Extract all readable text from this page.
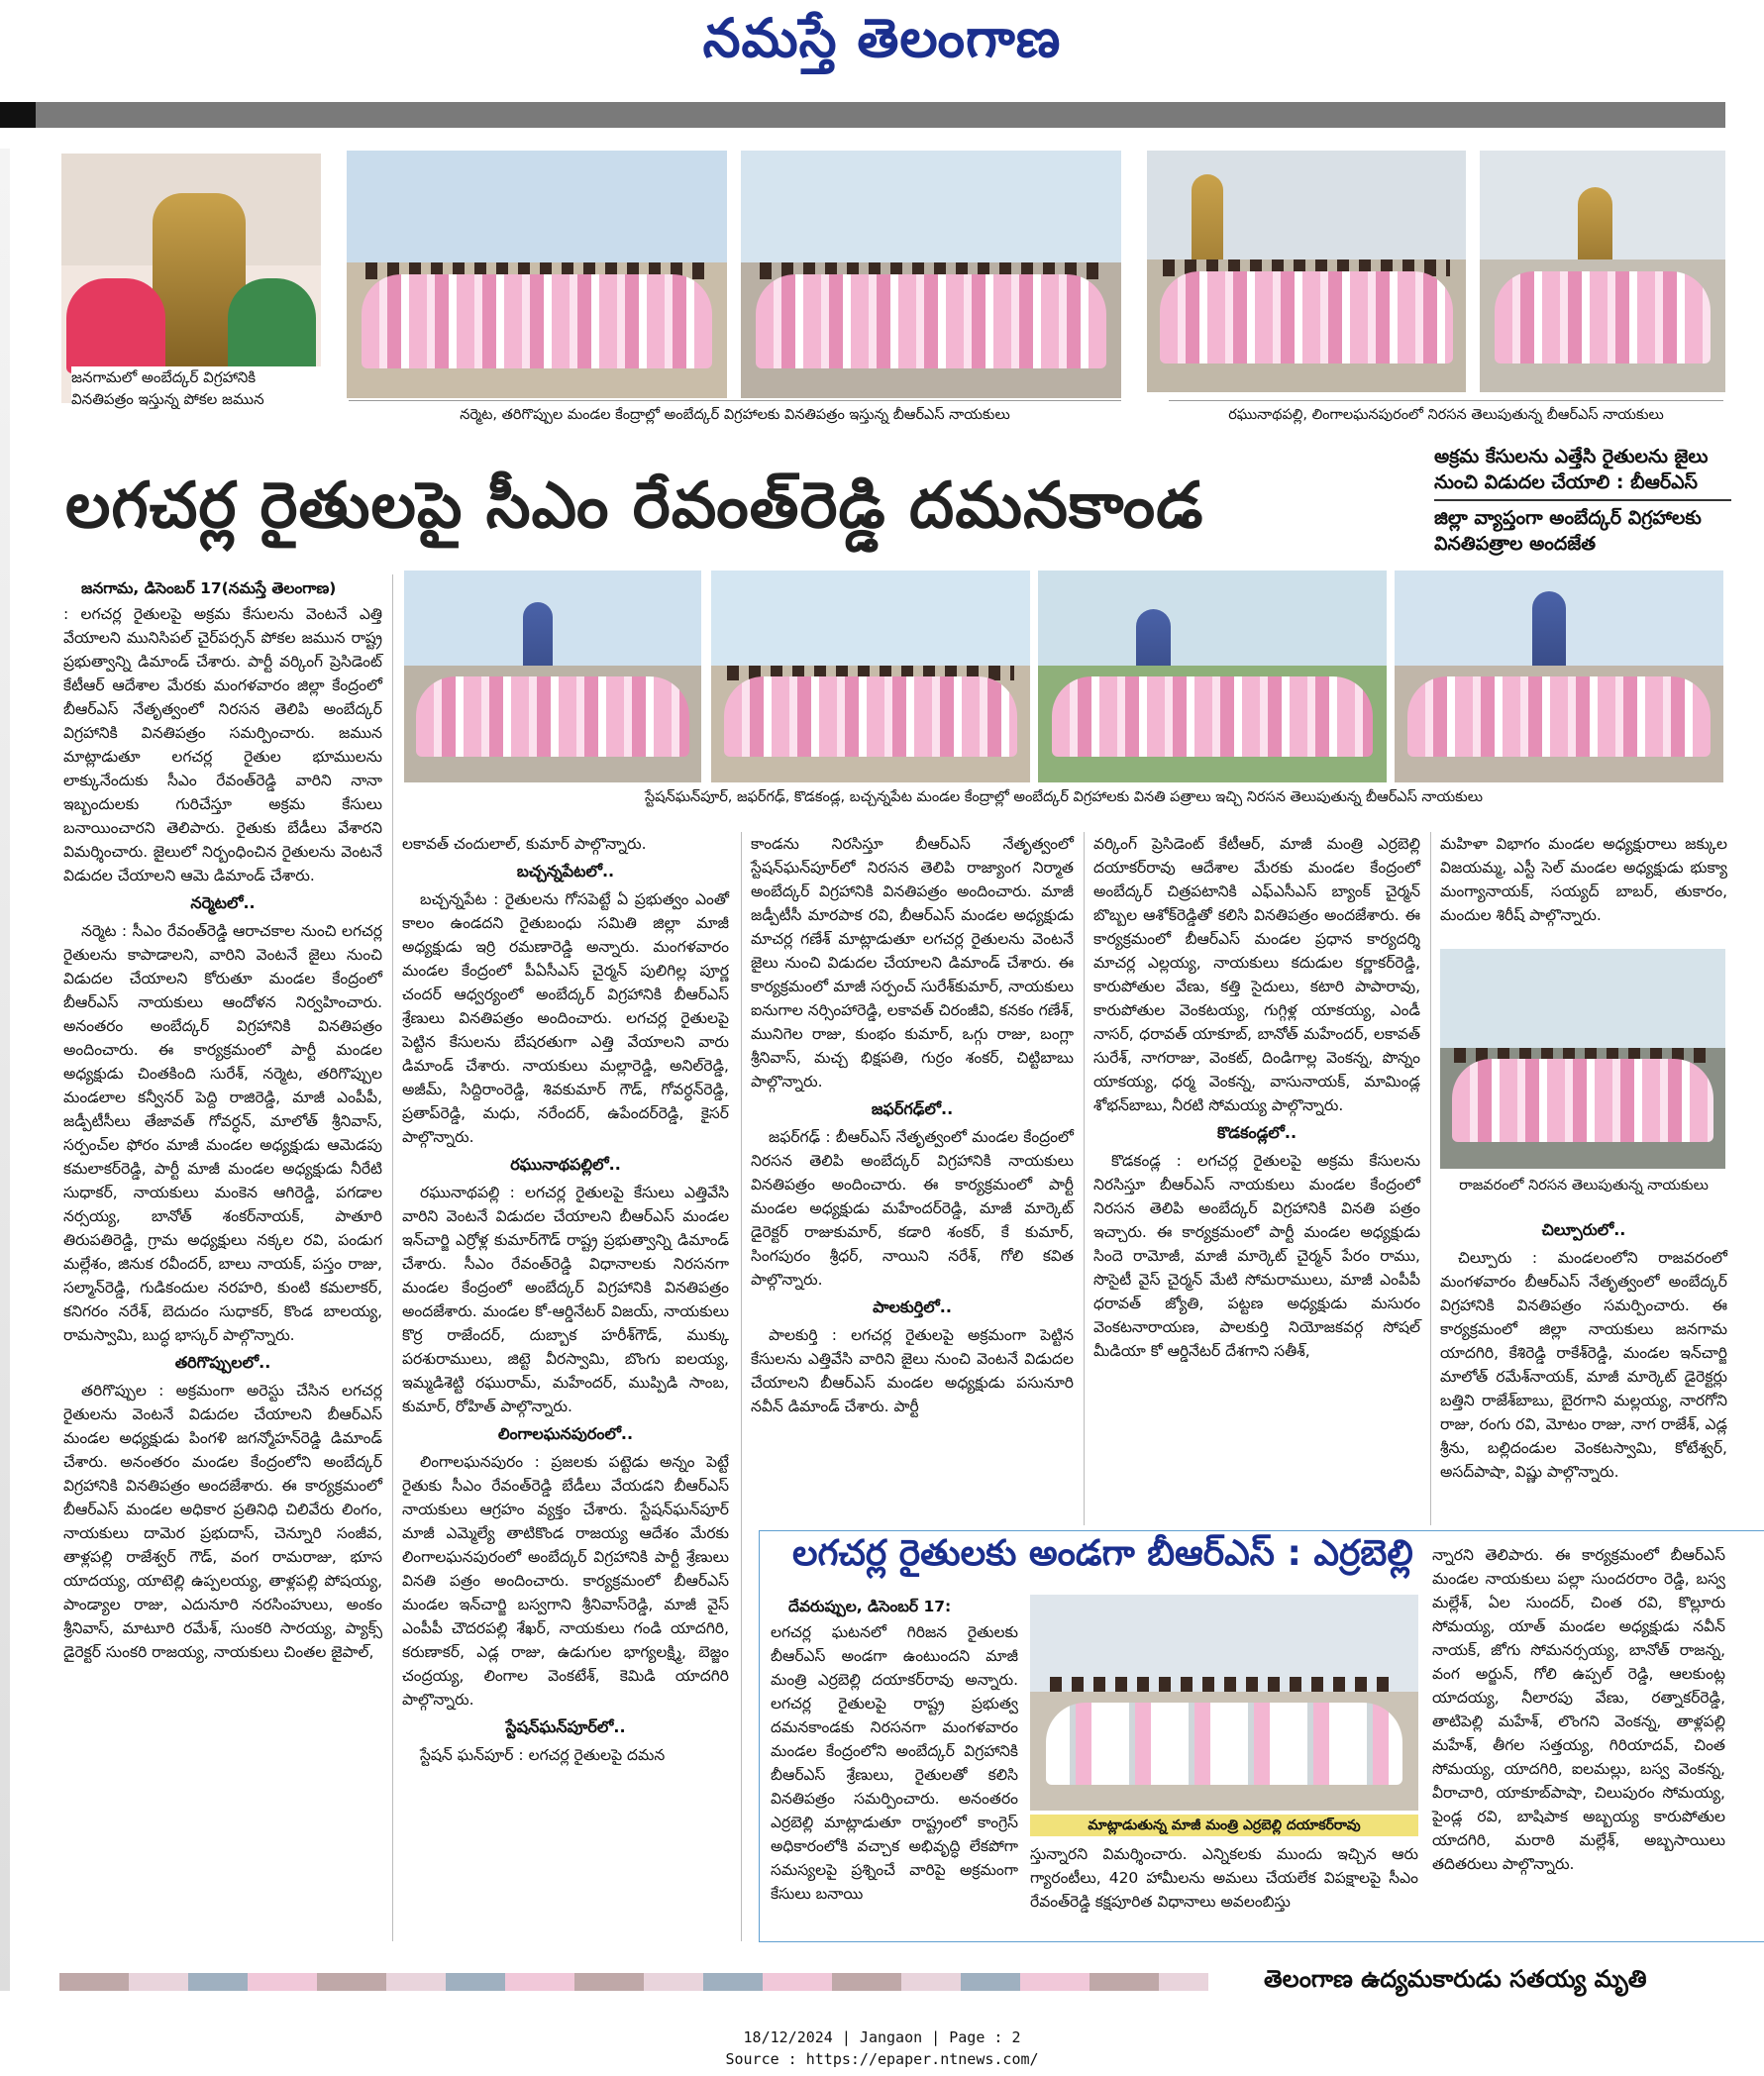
నమస్తే తెలంగాణ
జనగామలో అంబేద్కర్ విగ్రహానికి వినతిపత్రం ఇస్తున్న పోకల జమున
నర్మెట, తరిగొప్పుల మండల కేంద్రాల్లో అంబేద్కర్ విగ్రహాలకు వినతిపత్రం ఇస్తున్న బీఆర్ఎస్ నాయకులు	రఘునాథపల్లి, లింగాలఘనపురంలో నిరసన తెలుపుతున్న బీఆర్ఎస్ నాయకులు
లగచర్ల రైతులపై సీఎం రేవంత్‌రెడ్డి దమనకాండ
అక్రమ కేసులను ఎత్తేసి రైతులను జైలు నుంచి విడుదల చేయాలి : బీఆర్ఎస్
జిల్లా వ్యాప్తంగా అంబేద్కర్ విగ్రహాలకు వినతిపత్రాల అందజేత
స్టేషన్‌ఘన్‌పూర్, జఫర్‌గఢ్, కొడకండ్ల, బచ్చన్నపేట మండల కేంద్రాల్లో అంబేద్కర్ విగ్రహాలకు వినతి పత్రాలు ఇచ్చి నిరసన తెలుపుతున్న బీఆర్ఎస్ నాయకులు

జనగామ, డిసెంబర్ 17(నమస్తే తెలంగాణ)

: లగచర్ల రైతులపై అక్రమ కేసులను వెంటనే ఎత్తి వేయాలని మునిసిపల్ చైర్‌పర్సన్ పోకల జమున రాష్ట్ర ప్రభుత్వాన్ని డిమాండ్ చేశారు. పార్టీ వర్కింగ్ ప్రెసిడెంట్ కేటీఆర్ ఆదేశాల మేరకు మంగళవారం జిల్లా కేంద్రంలో బీఆర్ఎస్ నేతృత్వంలో నిరసన తెలిపి అంబేద్కర్ విగ్రహానికి వినతిపత్రం సమర్పించారు. జమున మాట్లాడుతూ లగచర్ల రైతుల భూములను లాక్కునేందుకు సీఎం రేవంత్‌రెడ్డి వారిని నానా ఇబ్బందులకు గురిచేస్తూ అక్రమ కేసులు బనాయించారని తెలిపారు. రైతుకు బేడీలు వేశారని విమర్శించారు. జైలులో నిర్బంధించిన రైతులను వెంటనే విడుదల చేయాలని ఆమె డిమాండ్ చేశారు.

నర్మెటలో..

నర్మెట : సీఎం రేవంత్‌రెడ్డి ఆరాచకాల నుంచి లగచర్ల రైతులను కాపాడాలని, వారిని వెంటనే జైలు నుంచి విడుదల చేయాలని కోరుతూ మండల కేంద్రంలో బీఆర్ఎస్ నాయకులు ఆందోళన నిర్వహించారు. అనంతరం అంబేద్కర్ విగ్రహానికి వినతిపత్రం అందించారు. ఈ కార్యక్రమంలో పార్టీ మండల అధ్యక్షుడు చింతకింది సురేశ్, నర్మెట, తరిగొప్పుల మండలాల కన్వీనర్ పెద్ది రాజిరెడ్డి, మాజీ ఎంపీపీ, జడ్పీటీసీలు తేజావత్ గోవర్ధన్, మాలోత్ శ్రీనివాస్, సర్పంచ్‌ల ఫోరం మాజీ మండల అధ్యక్షుడు ఆమెడపు కమలాకర్‌రెడ్డి, పార్టీ మాజీ మండల అధ్యక్షుడు నీరేటి సుధాకర్, నాయకులు మంకెన ఆగిరెడ్డి, పగడాల నర్సయ్య, బానోత్ శంకర్‌నాయక్, పాతూరి తిరుపతిరెడ్డి, గ్రామ అధ్యక్షులు నక్కల రవి, పండుగ మల్లేశం, జినుక రవీందర్, బాలు నాయక్, పస్తం రాజు, సల్మాన్‌రెడ్డి, గుడికందుల నరహరి, కుంటి కమలాకర్, కనిగరం నరేశ్, బెదుదం సుధాకర్, కొండ బాలయ్య, రామస్వామి, బుద్ధ భాస్కర్ పాల్గొన్నారు.

తరిగొప్పులలో..

తరిగొప్పుల : అక్రమంగా అరెస్టు చేసిన లగచర్ల రైతులను వెంటనే విడుదల చేయాలని బీఆర్ఎస్ మండల అధ్యక్షుడు పింగళి జగన్మోహన్‌రెడ్డి డిమాండ్ చేశారు. అనంతరం మండల కేంద్రంలోని అంబేద్కర్ విగ్రహానికి వినతిపత్రం అందజేశారు. ఈ కార్యక్రమంలో బీఆర్ఎస్ మండల అధికార ప్రతినిధి చిలివేరు లింగం, నాయకులు దామెర ప్రభుదాస్, చెన్నూరి సంజీవ, తాళ్లపల్లి రాజేశ్వర్ గౌడ్, వంగ రామరాజు, భూస యాదయ్య, యాటెల్లి ఉప్పలయ్య, తాళ్లపల్లి పోషయ్య, పాండ్యాల రాజు, ఎదునూరి నరసింహులు, అంకం శ్రీనివాస్, మాటూరి రమేశ్, సుంకరి సారయ్య, ప్యాక్స్ డైరెక్టర్ సుంకరి రాజయ్య, నాయకులు చింతల జైపాల్,

లకావత్ చందులాల్, కుమార్ పాల్గొన్నారు.

బచ్చన్నపేటలో..

బచ్చన్నపేట : రైతులను గోసపెట్టే ఏ ప్రభుత్వం ఎంతో కాలం ఉండదని రైతుబంధు సమితి జిల్లా మాజీ అధ్యక్షుడు ఇర్రి రమణారెడ్డి అన్నారు. మంగళవారం మండల కేంద్రంలో పీఏసీఎస్ చైర్మన్ పులిగిల్ల పూర్ణ చందర్ ఆధ్వర్యంలో అంబేద్కర్ విగ్రహానికి బీఆర్ఎస్ శ్రేణులు వినతిపత్రం అందించారు. లగచర్ల రైతులపై పెట్టిన కేసులను బేషరతుగా ఎత్తి వేయాలని వారు డిమాండ్ చేశారు. నాయకులు మల్లారెడ్డి, అనిల్‌రెడ్డి, అజీమ్, సిద్దిరాంరెడ్డి, శివకుమార్ గౌడ్, గోవర్ధన్‌రెడ్డి, ప్రతాప్‌రెడ్డి, మధు, నరేందర్, ఉపేందర్‌రెడ్డి, కైసర్ పాల్గొన్నారు.

రఘునాథపల్లిలో..

రఘునాథపల్లి : లగచర్ల రైతులపై కేసులు ఎత్తివేసి వారిని వెంటనే విడుదల చేయాలని బీఆర్ఎస్ మండల ఇన్‌చార్జి ఎర్రోళ్ల కుమార్‌గౌడ్ రాష్ట్ర ప్రభుత్వాన్ని డిమాండ్ చేశారు. సీఎం రేవంత్‌రెడ్డి విధానాలకు నిరసనగా మండల కేంద్రంలో అంబేద్కర్ విగ్రహానికి వినతిపత్రం అందజేశారు. మండల కో-ఆర్డినేటర్ విజయ్, నాయకులు కొర్ర రాజేందర్, దుబ్బాక హరీశ్‌గౌడ్, ముక్కు పరశురాములు, జిట్టె వీరస్వామి, బొంగు ఐలయ్య, ఇమ్మడిశెట్టి రఘురామ్, మహేందర్, ముప్పిడి సాంబ, కుమార్, రోహిత్ పాల్గొన్నారు.

లింగాలఘనపురంలో..

లింగాలఘనపురం : ప్రజలకు పట్టెడు అన్నం పెట్టే రైతుకు సీఎం రేవంత్‌రెడ్డి బేడీలు వేయడని బీఆర్ఎస్ నాయకులు ఆగ్రహం వ్యక్తం చేశారు. స్టేషన్‌ఘన్‌పూర్ మాజీ ఎమ్మెల్యే తాటికొండ రాజయ్య ఆదేశం మేరకు లింగాలఘనపురంలో అంబేద్కర్ విగ్రహానికి పార్టీ శ్రేణులు వినతి పత్రం అందించారు. కార్యక్రమంలో బీఆర్ఎస్ మండల ఇన్‌చార్జి బస్వగాని శ్రీనివాస్‌రెడ్డి, మాజీ వైస్ ఎంపీపీ చౌదరపల్లి శేఖర్, నాయకులు గండి యాదగిరి, కరుణాకర్, ఎడ్ల రాజు, ఉడుగుల భాగ్యలక్ష్మి, బెజ్జం చంద్రయ్య, లింగాల వెంకటేశ్, కెమిడి యాదగిరి పాల్గొన్నారు.

స్టేషన్‌ఘన్‌పూర్‌లో..

స్టేషన్ ఘన్‌పూర్ : లగచర్ల రైతులపై దమన

కాండను నిరసిస్తూ బీఆర్ఎస్ నేతృత్వంలో స్టేషన్‌ఘన్‌పూర్‌లో నిరసన తెలిపి రాజ్యాంగ నిర్మాత అంబేద్కర్ విగ్రహానికి వినతిపత్రం అందించారు. మాజీ జడ్పీటీసీ మారపాక రవి, బీఆర్ఎస్ మండల అధ్యక్షుడు మాచర్ల గణేశ్ మాట్లాడుతూ లగచర్ల రైతులను వెంటనే జైలు నుంచి విడుదల చేయాలని డిమాండ్ చేశారు. ఈ కార్యక్రమంలో మాజీ సర్పంచ్ సురేశ్‌కుమార్, నాయకులు ఐనుగాల నర్సింహారెడ్డి, లకావత్ చిరంజీవి, కనకం గణేశ్, మునిగెల రాజు, కుంభం కుమార్, ఒగ్గు రాజు, బంగ్లా శ్రీనివాస్, మచ్చ భిక్షపతి, గుర్రం శంకర్, చిట్టిబాబు పాల్గొన్నారు.

జఫర్‌గఢ్‌లో..

జఫర్‌గఢ్ : బీఆర్ఎస్ నేతృత్వంలో మండల కేంద్రంలో నిరసన తెలిపి అంబేద్కర్ విగ్రహానికి నాయకులు వినతిపత్రం అందించారు. ఈ కార్యక్రమంలో పార్టీ మండల అధ్యక్షుడు మహేందర్‌రెడ్డి, మాజీ మార్కెట్ డైరెక్టర్ రాజుకుమార్, కడారి శంకర్, కే కుమార్, సింగపురం శ్రీధర్, నాయిని నరేశ్, గోలి కవిత పాల్గొన్నారు.

పాలకుర్తిలో..

పాలకుర్తి : లగచర్ల రైతులపై అక్రమంగా పెట్టిన కేసులను ఎత్తివేసి వారిని జైలు నుంచి వెంటనే విడుదల చేయాలని బీఆర్ఎస్ మండల అధ్యక్షుడు పసునూరి నవీన్ డిమాండ్ చేశారు. పార్టీ

వర్కింగ్ ప్రెసిడెంట్ కేటీఆర్, మాజీ మంత్రి ఎర్రబెల్లి దయాకర్‌రావు ఆదేశాల మేరకు మండల కేంద్రంలో అంబేద్కర్ చిత్రపటానికి ఎఫ్ఎసీఎస్ బ్యాంక్ చైర్మన్ బొబ్బల ఆశోక్‌రెడ్డితో కలిసి వినతిపత్రం అందజేశారు. ఈ కార్యక్రమంలో బీఆర్ఎస్ మండల ప్రధాన కార్యదర్శి మాచర్ల ఎల్లయ్య, నాయకులు కదుడుల కర్ణాకర్‌రెడ్డి, కారుపోతుల వేణు, కత్తి సైదులు, కటారి పాపారావు, కారుపోతుల వెంకటయ్య, గుగ్గిళ్ల యాకయ్య, ఎండీ నాసర్, ధరావత్ యాకూబ్, బానోత్ మహేందర్, లకావత్ సురేశ్, నాగరాజు, వెంకట్, దిండిగాల్ల వెంకన్న, పొన్నం యాకయ్య, ధర్మ వెంకన్న, వాసునాయక్, మామిండ్ల శోభన్‌బాబు, నీరటి సోమయ్య పాల్గొన్నారు.

కొడకండ్లలో..

కొడకండ్ల : లగచర్ల రైతులపై అక్రమ కేసులను నిరసిస్తూ బీఆర్ఎస్ నాయకులు మండల కేంద్రంలో నిరసన తెలిపి అంబేద్కర్ విగ్రహానికి వినతి పత్రం ఇచ్చారు. ఈ కార్యక్రమంలో పార్టీ మండల అధ్యక్షుడు సిందె రామోజీ, మాజీ మార్కెట్ చైర్మన్ పేరం రాము, సొసైటీ వైస్ చైర్మన్ మేటి సోమరాములు, మాజీ ఎంపీపీ ధరావత్ జ్యోతి, పట్టణ అధ్యక్షుడు మసురం వెంకటనారాయణ, పాలకుర్తి నియోజకవర్గ సోషల్ మీడియా కో ఆర్డినేటర్ దేశగాని సతీశ్,

మహిళా విభాగం మండల అధ్యక్షురాలు జక్కుల విజయమ్మ, ఎస్టీ సెల్ మండల అధ్యక్షుడు భుక్యా మంగ్యానాయక్, సయ్యద్ బాబర్, తుకారం, మందుల శిరీష్ పాల్గొన్నారు.

రాజవరంలో నిరసన తెలుపుతున్న నాయకులు
చిల్పూరులో..

చిల్పూరు : మండలంలోని రాజవరంలో మంగళవారం బీఆర్ఎస్ నేతృత్వంలో అంబేద్కర్ విగ్రహానికి వినతిపత్రం సమర్పించారు. ఈ కార్యక్రమంలో జిల్లా నాయకులు జనగామ యాదగిరి, కేశిరెడ్డి రాకేశ్‌రెడ్డి, మండల ఇన్‌చార్జి మాలోత్ రమేశ్‌నాయక్, మాజీ మార్కెట్ డైరెక్టర్లు బత్తిని రాజేశ్‌బాబు, బైరగాని మల్లయ్య, నారగోని రాజు, రంగు రవి, మోటం రాజు, నాగ రాజేశ్, ఎడ్ల శ్రీను, బల్లిదండుల వెంకటస్వామి, కోటేశ్వర్, అసద్‌పాషా, విష్ణు పాల్గొన్నారు.

లగచర్ల రైతులకు అండగా బీఆర్ఎస్ : ఎర్రబెల్లి

దేవరుప్పుల, డిసెంబర్ 17:

లగచర్ల ఘటనలో గిరిజన రైతులకు బీఆర్ఎస్ అండగా ఉంటుందని మాజీ మంత్రి ఎర్రబెల్లి దయాకర్‌రావు అన్నారు. లగచర్ల రైతులపై రాష్ట్ర ప్రభుత్వ దమనకాండకు నిరసనగా మంగళవారం మండల కేంద్రంలోని అంబేద్కర్ విగ్రహానికి బీఆర్ఎస్ శ్రేణులు, రైతులతో కలిసి వినతిపత్రం సమర్పించారు. అనంతరం ఎర్రబెల్లి మాట్లాడుతూ రాష్ట్రంలో కాంగ్రెస్ అధికారంలోకి వచ్చాక అభివృద్ధి లేకపోగా సమస్యలపై ప్రశ్నించే వారిపై అక్రమంగా కేసులు బనాయి

మాట్లాడుతున్న మాజీ మంత్రి ఎర్రబెల్లి దయాకర్‌రావు

స్తున్నారని విమర్శించారు. ఎన్నికలకు ముందు ఇచ్చిన ఆరు గ్యారంటీలు, 420 హామీలను అమలు చేయలేక విపక్షాలపై సీఎం రేవంత్‌రెడ్డి కక్షపూరిత విధానాలు అవలంబిస్తు

న్నారని తెలిపారు. ఈ కార్యక్రమంలో బీఆర్ఎస్ మండల నాయకులు పల్లా సుందరరాం రెడ్డి, బస్వ మల్లేశ్, ఏల సుందర్, చింత రవి, కొల్లూరు సోమయ్య, యాత్ మండల అధ్యక్షుడు నవీన్ నాయక్, జోగు సోమనర్సయ్య, బానోత్ రాజన్న, వంగ అర్జున్, గోలి ఉప్పల్ రెడ్డి, ఆలకుంట్ల యాదయ్య, నీలారపు వేణు, రత్నాకర్‌రెడ్డి, తాటిపెల్లి మహేశ్, లొంగని వెంకన్న, తాళ్లపల్లి మహేశ్, తీగల సత్తయ్య, గిరియాదవ్, చింత సోమయ్య, యాదగిరి, ఐలమల్లు, బస్వ వెంకన్న, వీరాచారి, యాకూబ్‌పాషా, చిలుపురం సోమయ్య, పైండ్ల రవి, బాషిపాక అబ్బయ్య కారుపోతుల యాదగిరి, మరాఠి మల్లేశ్, అబ్బసాయిలు తదితరులు పాల్గొన్నారు.

తెలంగాణ ఉద్యమకారుడు సతయ్య మృతి
18/12/2024 | Jangaon | Page : 2
Source : https://epaper.ntnews.com/
